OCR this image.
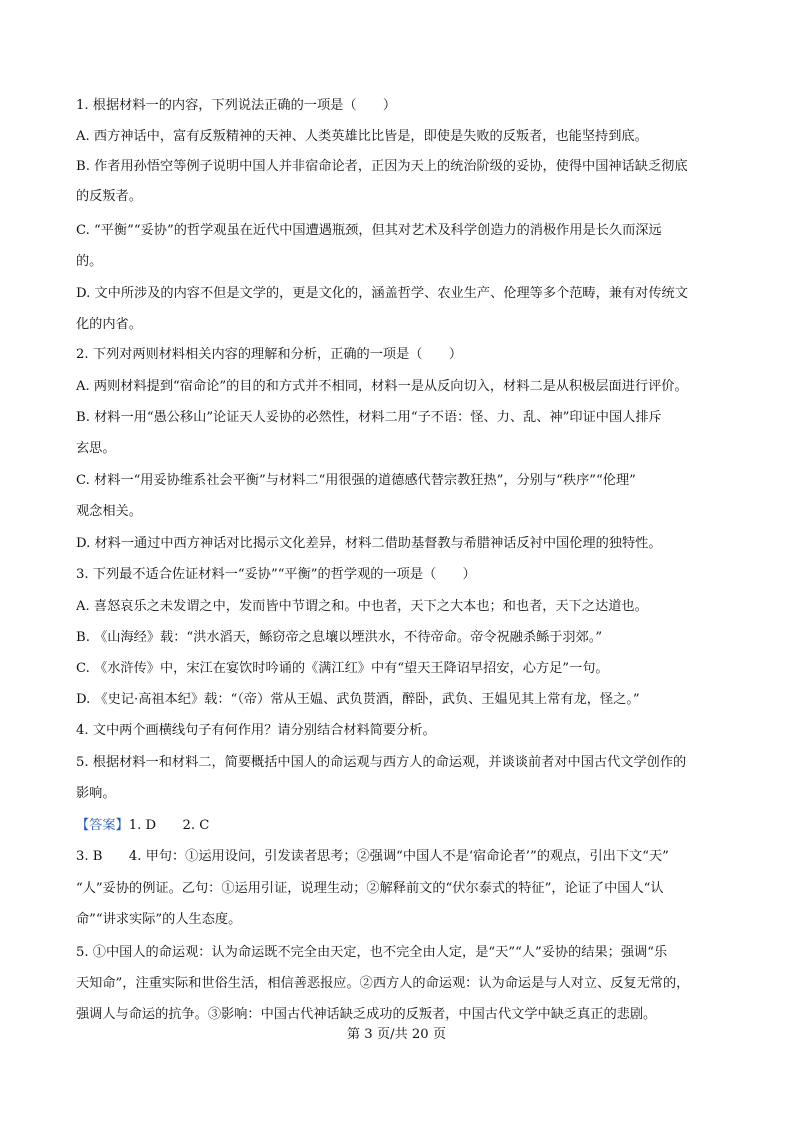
1. 根据材料一的内容，下列说法正确的一项是（　　）
A. 西方神话中，富有反叛精神的天神、人类英雄比比皆是，即使是失败的反叛者，也能坚持到底。
B. 作者用孙悟空等例子说明中国人并非宿命论者，正因为天上的统治阶级的妥协，使得中国神话缺乏彻底
的反叛者。
C. “平衡”“妥协”的哲学观虽在近代中国遭遇瓶颈，但其对艺术及科学创造力的消极作用是长久而深远
的。
D. 文中所涉及的内容不但是文学的，更是文化的，涵盖哲学、农业生产、伦理等多个范畴，兼有对传统文
化的内省。
2. 下列对两则材料相关内容的理解和分析，正确的一项是（　　）
A. 两则材料提到“宿命论”的目的和方式并不相同，材料一是从反向切入，材料二是从积极层面进行评价。
B. 材料一用“愚公移山”论证天人妥协的必然性，材料二用“子不语：怪、力、乱、神”印证中国人排斥
玄思。
C. 材料一“用妥协维系社会平衡”与材料二“用很强的道德感代替宗教狂热”，分别与“秩序”“伦理”
观念相关。
D. 材料一通过中西方神话对比揭示文化差异，材料二借助基督教与希腊神话反衬中国伦理的独特性。
3. 下列最不适合佐证材料一“妥协”“平衡”的哲学观的一项是（　　）
A. 喜怒哀乐之未发谓之中，发而皆中节谓之和。中也者，天下之大本也；和也者，天下之达道也。
B. 《山海经》载：“洪水滔天，鲧窃帝之息壤以堙洪水，不待帝命。帝令祝融杀鲧于羽郊。”
C. 《水浒传》中，宋江在宴饮时吟诵的《满江红》中有“望天王降诏早招安，心方足”一句。
D. 《史记·高祖本纪》载：“（帝）常从王媪、武负贳酒，醉卧，武负、王媪见其上常有龙，怪之。”
4. 文中两个画横线句子有何作用？请分别结合材料简要分析。
5. 根据材料一和材料二，简要概括中国人的命运观与西方人的命运观，并谈谈前者对中国古代文学创作的
影响。
【答案】1. D　　2. C
3. B　　4. 甲句：①运用设问，引发读者思考；②强调“中国人不是‘宿命论者’”的观点，引出下文“天”
“人”妥协的例证。乙句：①运用引证，说理生动；②解释前文的“伏尔泰式的特征”，论证了中国人“认
命”“讲求实际”的人生态度。
5. ①中国人的命运观：认为命运既不完全由天定，也不完全由人定，是“天”“人”妥协的结果；强调“乐
天知命”，注重实际和世俗生活，相信善恶报应。②西方人的命运观：认为命运是与人对立、反复无常的，
强调人与命运的抗争。③影响：中国古代神话缺乏成功的反叛者，中国古代文学中缺乏真正的悲剧。
第 3 页/共 20 页
